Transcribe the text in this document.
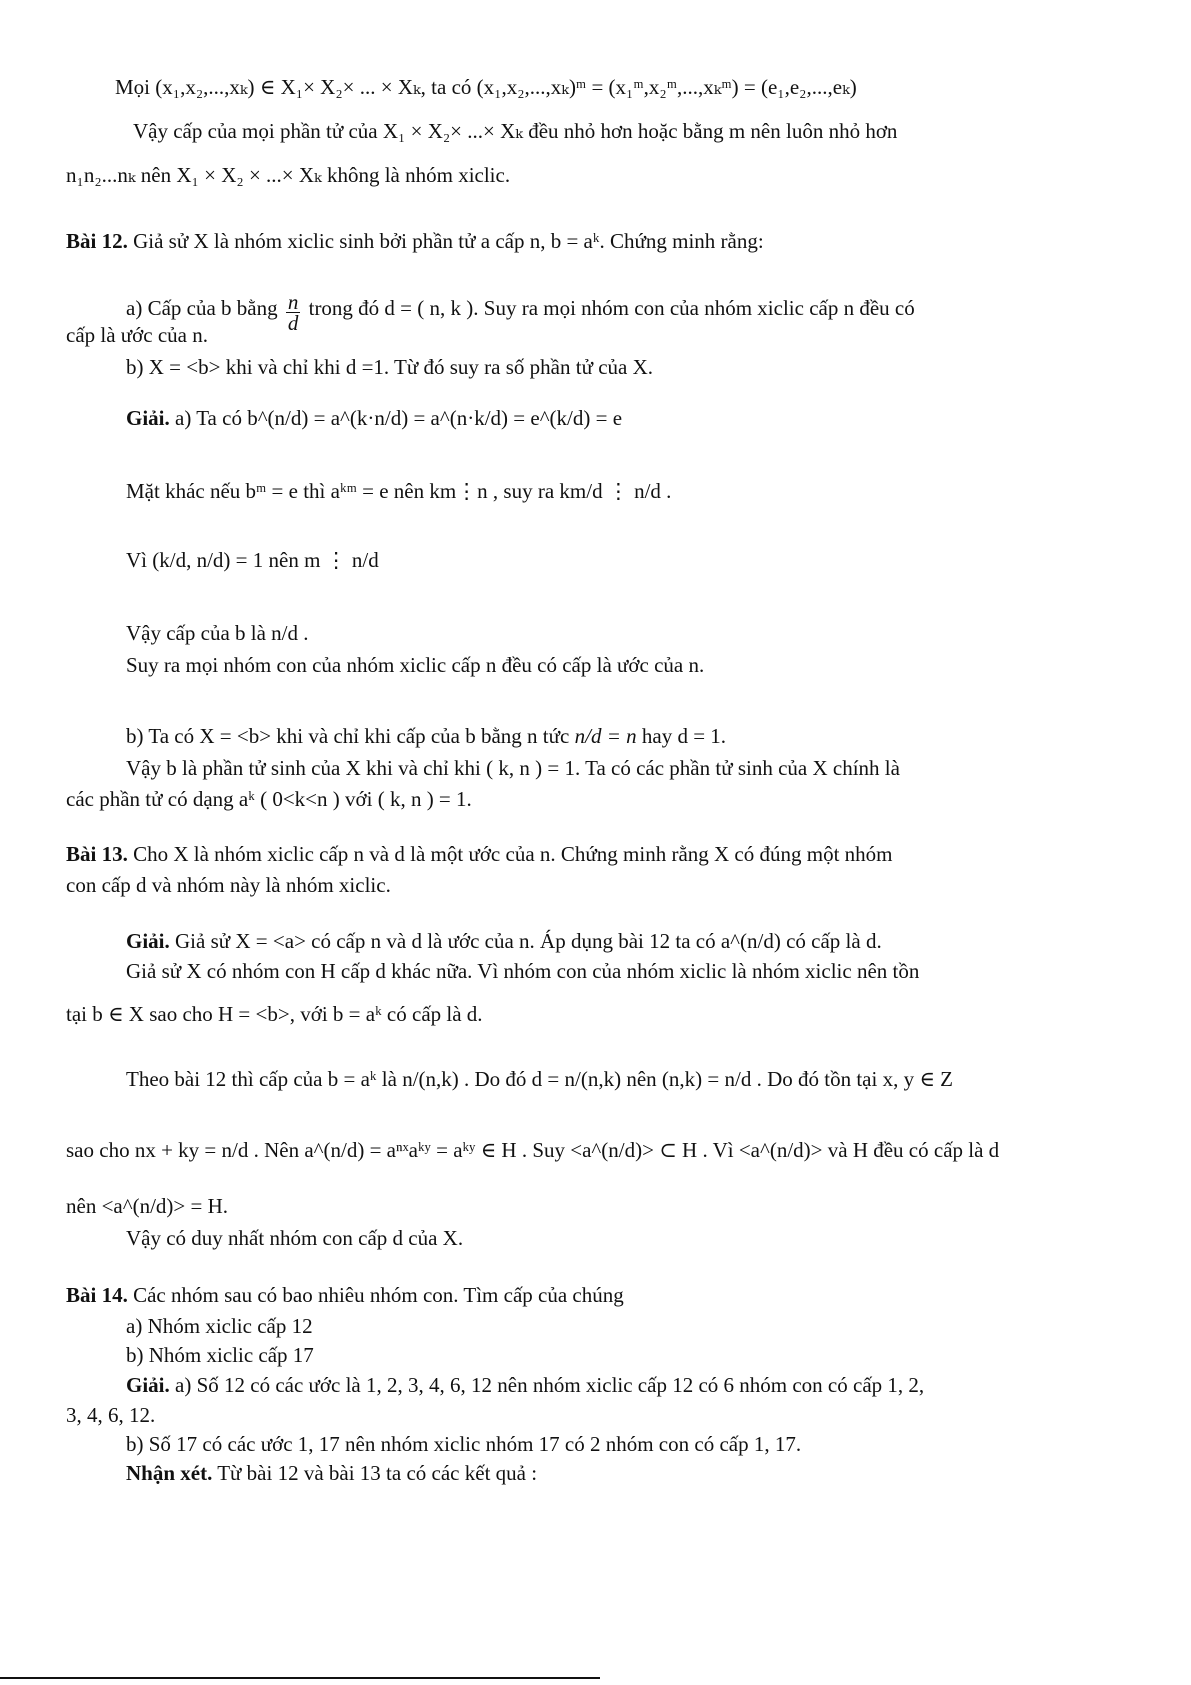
Mọi (x₁,x₂,...,xₖ) ∈ X₁× X₂× ... × Xₖ, ta có (x₁,x₂,...,xₖ)ᵐ = (x₁ᵐ,x₂ᵐ,...,xₖᵐ) = (e₁,e₂,...,eₖ)
Vậy cấp của mọi phần tử của X₁ × X₂× ...× Xₖ đều nhỏ hơn hoặc bằng m nên luôn nhỏ hơn
n₁n₂...nₖ nên X₁ × X₂ × ...× Xₖ không là nhóm xiclic.
Bài 12. Giả sử X là nhóm xiclic sinh bởi phần tử a cấp n, b = aᵏ. Chứng minh rằng:
a) Cấp của b bằng $\frac{n}{d}$ trong đó d = ( n, k ). Suy ra mọi nhóm con của nhóm xiclic cấp n đều có
cấp là ước của n.
b) X = <b> khi và chỉ khi d =1. Từ đó suy ra số phần tử của X.
Giải. a) Ta có b^(n/d) = a^(k·n/d) = a^(n·k/d) = e^(k/d) = e
Mặt khác nếu bᵐ = e thì aᵏᵐ = e nên km⋮n , suy ra km/d ⋮ n/d .
Vì (k/d, n/d) = 1 nên m ⋮ n/d
Vậy cấp của b là n/d .
Suy ra mọi nhóm con của nhóm xiclic cấp n đều có cấp là ước của n.
b) Ta có X = <b> khi và chỉ khi cấp của b bằng n tức n/d = n hay d = 1.
Vậy b là phần tử sinh của X khi và chỉ khi ( k, n ) = 1. Ta có các phần tử sinh của X chính là
các phần tử có dạng aᵏ ( 0<k<n ) với ( k, n ) = 1.
Bài 13. Cho X là nhóm xiclic cấp n và d là một ước của n. Chứng minh rằng X có đúng một nhóm
con cấp d và nhóm này là nhóm xiclic.
Giải. Giả sử X = <a> có cấp n và d là ước của n. Áp dụng bài 12 ta có a^(n/d) có cấp là d.
Giả sử X có nhóm con H cấp d khác nữa. Vì nhóm con của nhóm xiclic là nhóm xiclic nên tồn
tại b ∈ X sao cho H = <b>, với b = aᵏ có cấp là d.
Theo bài 12 thì cấp của b = aᵏ là n/(n,k) . Do đó d = n/(n,k) nên (n,k) = n/d . Do đó tồn tại x, y ∈ Z
sao cho nx + ky = n/d . Nên a^(n/d) = aⁿˣaᵏʸ = aᵏʸ ∈ H . Suy <a^(n/d)> ⊂ H . Vì <a^(n/d)> và H đều có cấp là d
nên <a^(n/d)> = H.
Vậy có duy nhất nhóm con cấp d của X.
Bài 14. Các nhóm sau có bao nhiêu nhóm con. Tìm cấp của chúng
a) Nhóm xiclic cấp 12
b) Nhóm xiclic cấp 17
Giải. a) Số 12 có các ước là 1, 2, 3, 4, 6, 12 nên nhóm xiclic cấp 12 có 6 nhóm con có cấp 1, 2,
3, 4, 6, 12.
b) Số 17 có các ước 1, 17 nên nhóm xiclic nhóm 17 có 2 nhóm con có cấp 1, 17.
Nhận xét. Từ bài 12 và bài 13 ta có các kết quả :
